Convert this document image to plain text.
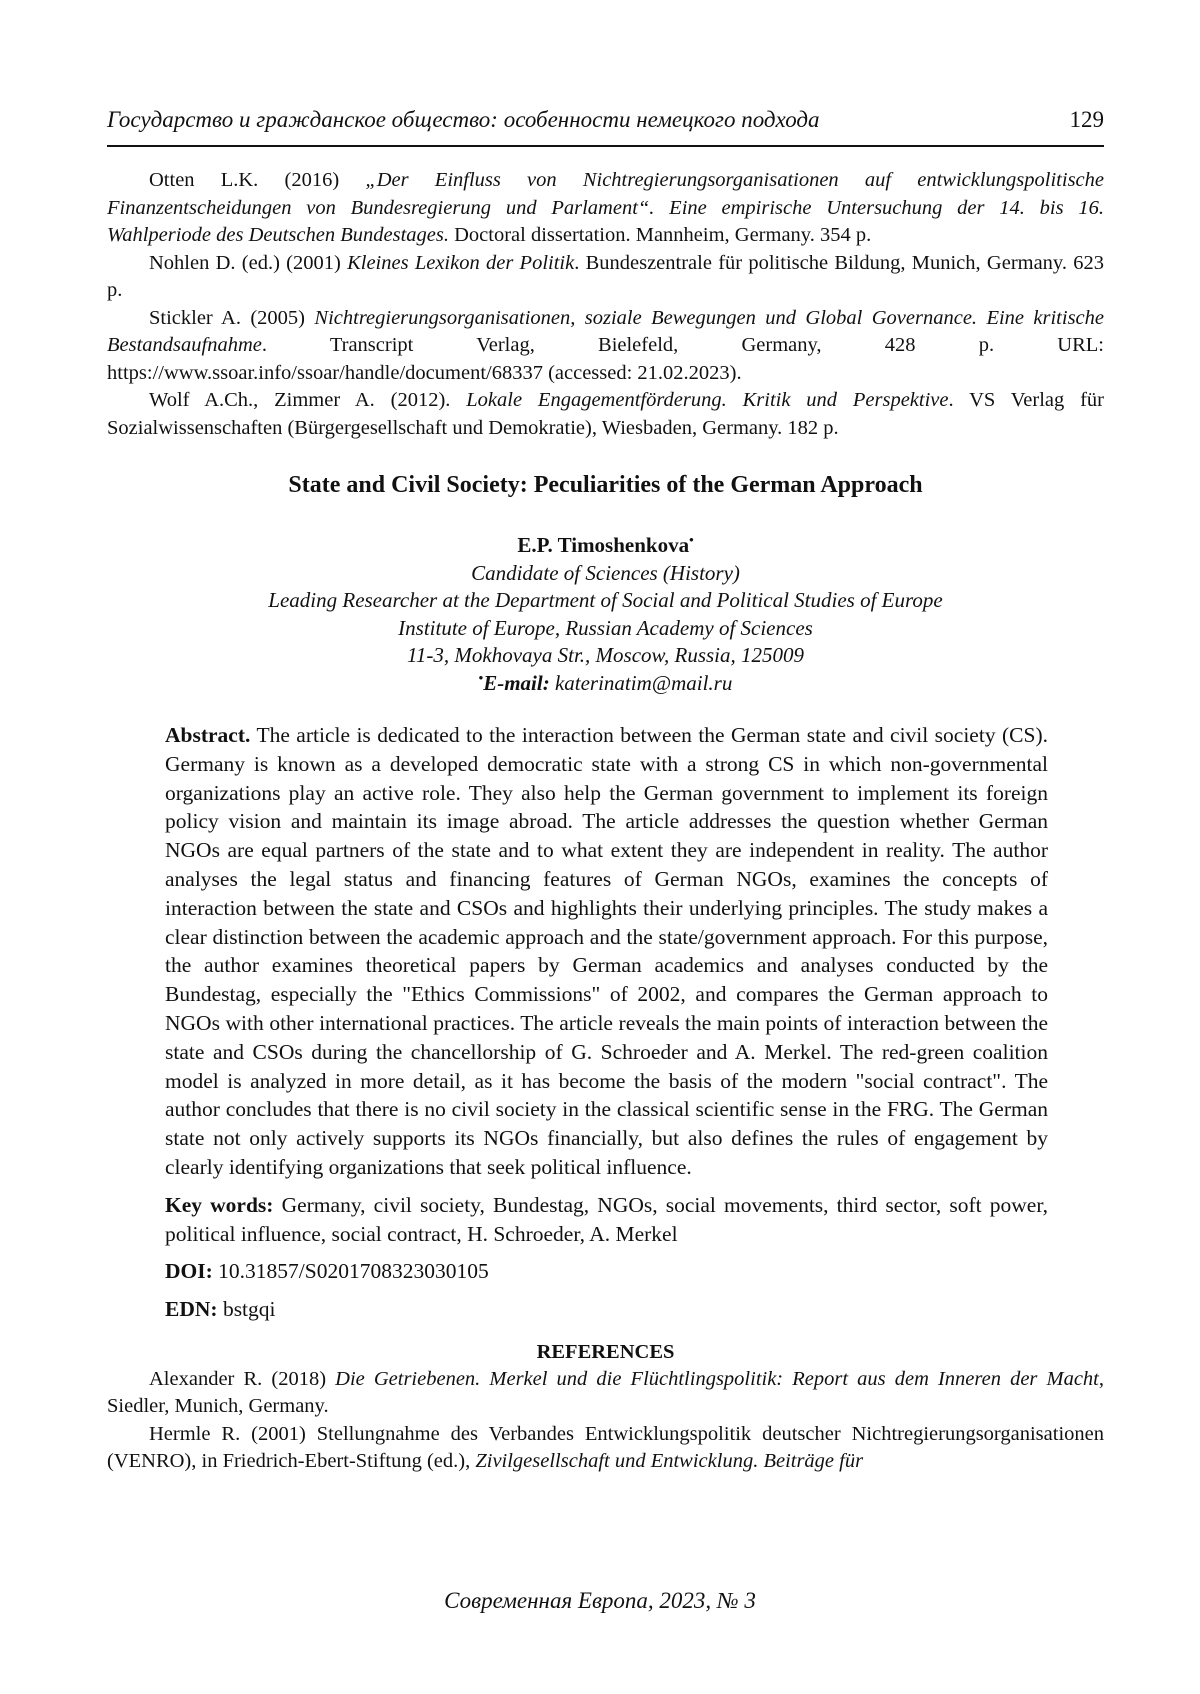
Государство и гражданское общество: особенности немецкого подхода	129

Otten L.K. (2016) „Der Einfluss von Nichtregierungsorganisationen auf entwicklungspolitische Finanzentscheidungen von Bundesregierung und Parlament“. Eine empirische Untersuchung der 14. bis 16. Wahlperiode des Deutschen Bundestages. Doctoral dissertation. Mannheim, Germany. 354 p.

Nohlen D. (ed.) (2001) Kleines Lexikon der Politik. Bundeszentrale für politische Bildung, Munich, Germany. 623 p.

Stickler A. (2005) Nichtregierungsorganisationen, soziale Bewegungen und Global Governance. Eine kritische Bestandsaufnahme. Transcript Verlag, Bielefeld, Germany, 428 p. URL: https://www.ssoar.info/ssoar/handle/document/68337 (accessed: 21.02.2023).

Wolf A.Ch., Zimmer A. (2012). Lokale Engagementförderung. Kritik und Perspektive. VS Verlag für Sozialwissenschaften (Bürgergesellschaft und Demokratie), Wiesbaden, Germany. 182 p.

State and Civil Society: Peculiarities of the German Approach
E.P. Timoshenkova•
Candidate of Sciences (History)
Leading Researcher at the Department of Social and Political Studies of Europe
Institute of Europe, Russian Academy of Sciences
11-3, Mokhovaya Str., Moscow, Russia, 125009
•E-mail: katerinatim@mail.ru

Abstract. The article is dedicated to the interaction between the German state and civil society (CS). Germany is known as a developed democratic state with a strong CS in which non-governmental organizations play an active role. They also help the German government to implement its foreign policy vision and maintain its image abroad. The article addresses the question whether German NGOs are equal partners of the state and to what extent they are independent in reality. The author analyses the legal status and financing features of German NGOs, examines the concepts of interaction between the state and CSOs and highlights their underlying principles. The study makes a clear distinction between the academic approach and the state/government approach. For this purpose, the author examines theoretical papers by German academics and analyses conducted by the Bundestag, especially the "Ethics Commissions" of 2002, and compares the German approach to NGOs with other international practices. The article reveals the main points of interaction between the state and CSOs during the chancellorship of G. Schroeder and A. Merkel. The red-green coalition model is analyzed in more detail, as it has become the basis of the modern "social contract". The author concludes that there is no civil society in the classical scientific sense in the FRG. The German state not only actively supports its NGOs financially, but also defines the rules of engagement by clearly identifying organizations that seek political influence.

Key words: Germany, civil society, Bundestag, NGOs, social movements, third sector, soft power, political influence, social contract, H. Schroeder, A. Merkel

DOI: 10.31857/S0201708323030105

EDN: bstgqi

REFERENCES

Alexander R. (2018) Die Getriebenen. Merkel und die Flüchtlingspolitik: Report aus dem Inneren der Macht, Siedler, Munich, Germany.

Hermle R. (2001) Stellungnahme des Verbandes Entwicklungspolitik deutscher Nichtregierungsorganisationen (VENRO), in Friedrich-Ebert-Stiftung (ed.), Zivilgesellschaft und Entwicklung. Beiträge für

Современная Европа, 2023, № 3
